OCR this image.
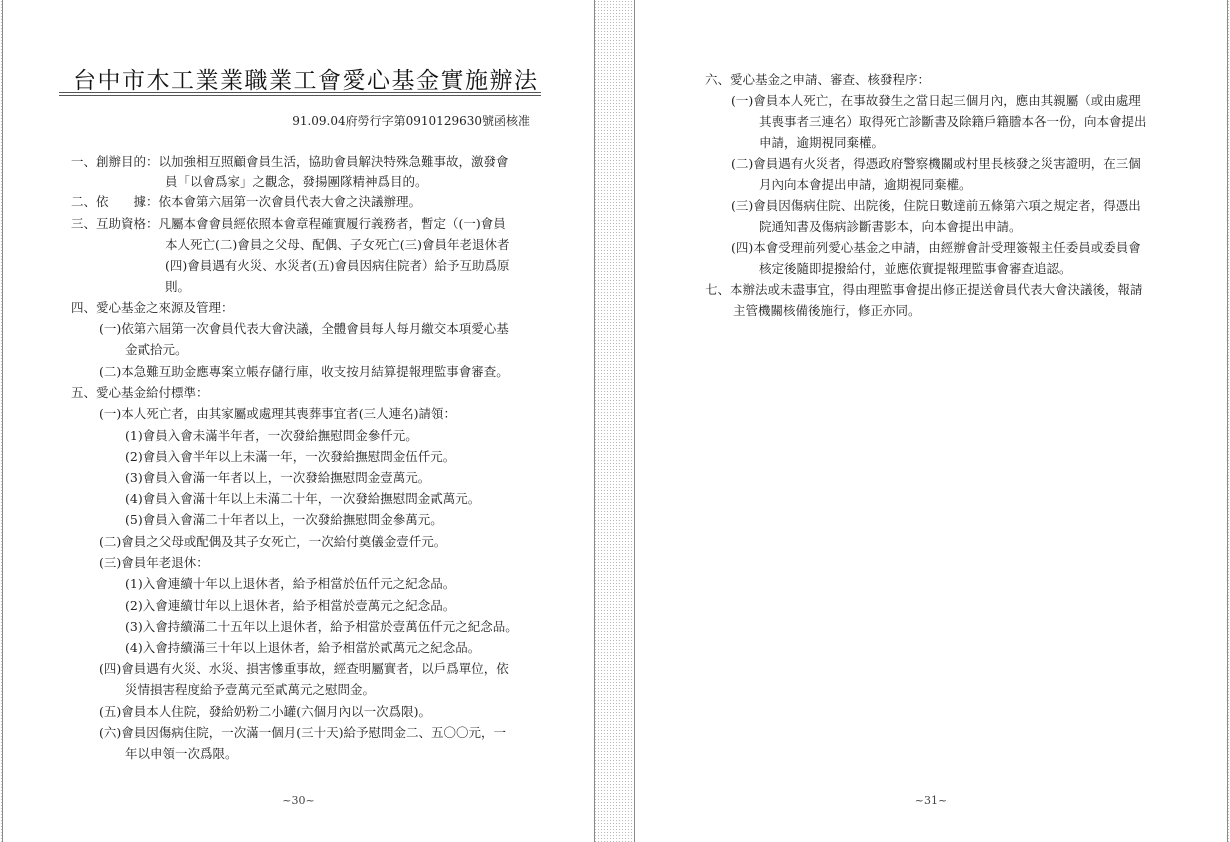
台中市木工業業職業工會愛心基金實施辦法
91.09.04府勞行字第0910129630號函核准
一、創辦目的：以加強相互照顧會員生活，協助會員解決特殊急難事故，激發會
員「以會爲家」之觀念，發揚團隊精神爲目的。
二、依　　據：依本會第六屆第一次會員代表大會之決議辦理。
三、互助資格：凡屬本會會員經依照本會章程確實履行義務者，暫定（(一)會員
本人死亡(二)會員之父母、配偶、子女死亡(三)會員年老退休者
(四)會員遇有火災、水災者(五)會員因病住院者）給予互助爲原
則。
四、愛心基金之來源及管理：
(一)依第六屆第一次會員代表大會決議，全體會員每人每月繳交本項愛心基
金貳拾元。
(二)本急難互助金應專案立帳存儲行庫，收支按月結算提報理監事會審查。
五、愛心基金給付標準：
(一)本人死亡者，由其家屬或處理其喪葬事宜者(三人連名)請領：
(1)會員入會未滿半年者，一次發給撫慰問金參仟元。
(2)會員入會半年以上未滿一年，一次發給撫慰問金伍仟元。
(3)會員入會滿一年者以上，一次發給撫慰問金壹萬元。
(4)會員入會滿十年以上未滿二十年，一次發給撫慰問金貳萬元。
(5)會員入會滿二十年者以上，一次發給撫慰問金參萬元。
(二)會員之父母或配偶及其子女死亡，一次給付奠儀金壹仟元。
(三)會員年老退休：
(1)入會連續十年以上退休者，給予相當於伍仟元之紀念品。
(2)入會連續廿年以上退休者，給予相當於壹萬元之紀念品。
(3)入會持續滿二十五年以上退休者，給予相當於壹萬伍仟元之紀念品。
(4)入會持續滿三十年以上退休者，給予相當於貳萬元之紀念品。
(四)會員遇有火災、水災、損害慘重事故，經查明屬實者，以戶爲單位，依
災情損害程度給予壹萬元至貳萬元之慰問金。
(五)會員本人住院，發給奶粉二小罐(六個月內以一次爲限)。
(六)會員因傷病住院，一次滿一個月(三十天)給予慰問金二、五〇〇元，一
年以申領一次爲限。
~30~
六、愛心基金之申請、審查、核發程序：
(一)會員本人死亡，在事故發生之當日起三個月內，應由其親屬（或由處理
其喪事者三連名）取得死亡診斷書及除籍戶籍謄本各一份，向本會提出
申請，逾期視同棄權。
(二)會員遇有火災者，得憑政府警察機關或村里長核發之災害證明，在三個
月內向本會提出申請，逾期視同棄權。
(三)會員因傷病住院、出院後，住院日數達前五條第六項之規定者，得憑出
院通知書及傷病診斷書影本，向本會提出申請。
(四)本會受理前列愛心基金之申請，由經辦會計受理簽報主任委員或委員會
核定後隨即提撥給付，並應依實提報理監事會審查追認。
七、本辦法或未盡事宜，得由理監事會提出修正提送會員代表大會決議後，報請
主管機關核備後施行，修正亦同。
~31~
